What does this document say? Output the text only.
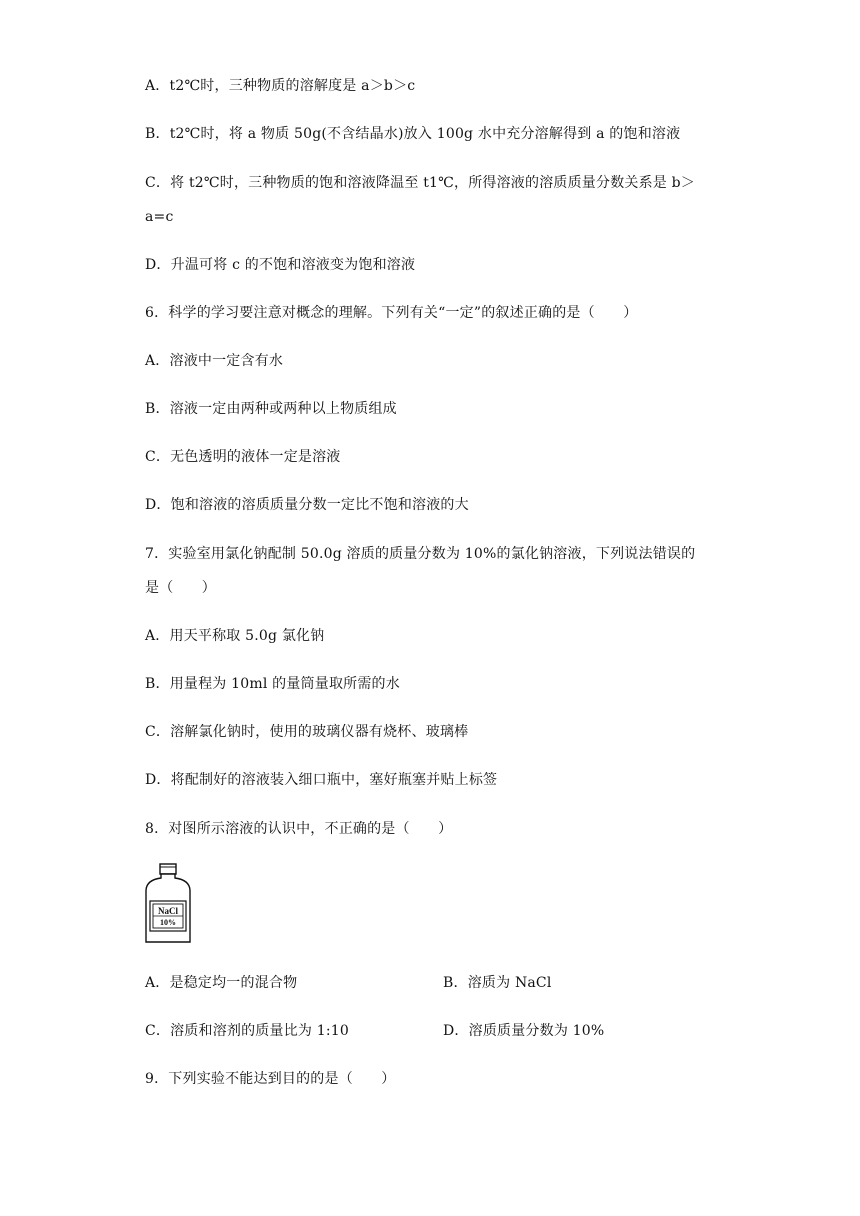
A．t2℃时，三种物质的溶解度是 a＞b＞c
B．t2℃时，将 a 物质 50g(不含结晶水)放入 100g 水中充分溶解得到 a 的饱和溶液
C．将 t2℃时，三种物质的饱和溶液降温至 t1℃，所得溶液的溶质质量分数关系是 b＞
a=c
D．升温可将 c 的不饱和溶液变为饱和溶液
6．科学的学习要注意对概念的理解。下列有关“一定”的叙述正确的是（　　）
A．溶液中一定含有水
B．溶液一定由两种或两种以上物质组成
C．无色透明的液体一定是溶液
D．饱和溶液的溶质质量分数一定比不饱和溶液的大
7．实验室用氯化钠配制 50.0g 溶质的质量分数为 10%的氯化钠溶液，下列说法错误的
是（　　）
A．用天平称取 5.0g 氯化钠
B．用量程为 10ml 的量筒量取所需的水
C．溶解氯化钠时，使用的玻璃仪器有烧杯、玻璃棒
D．将配制好的溶液装入细口瓶中，塞好瓶塞并贴上标签
8．对图所示溶液的认识中，不正确的是（　　）
NaCl
10%
A．是稳定均一的混合物	B．溶质为 NaCl
C．溶质和溶剂的质量比为 1:10	D．溶质质量分数为 10%
9．下列实验不能达到目的的是（　　）
